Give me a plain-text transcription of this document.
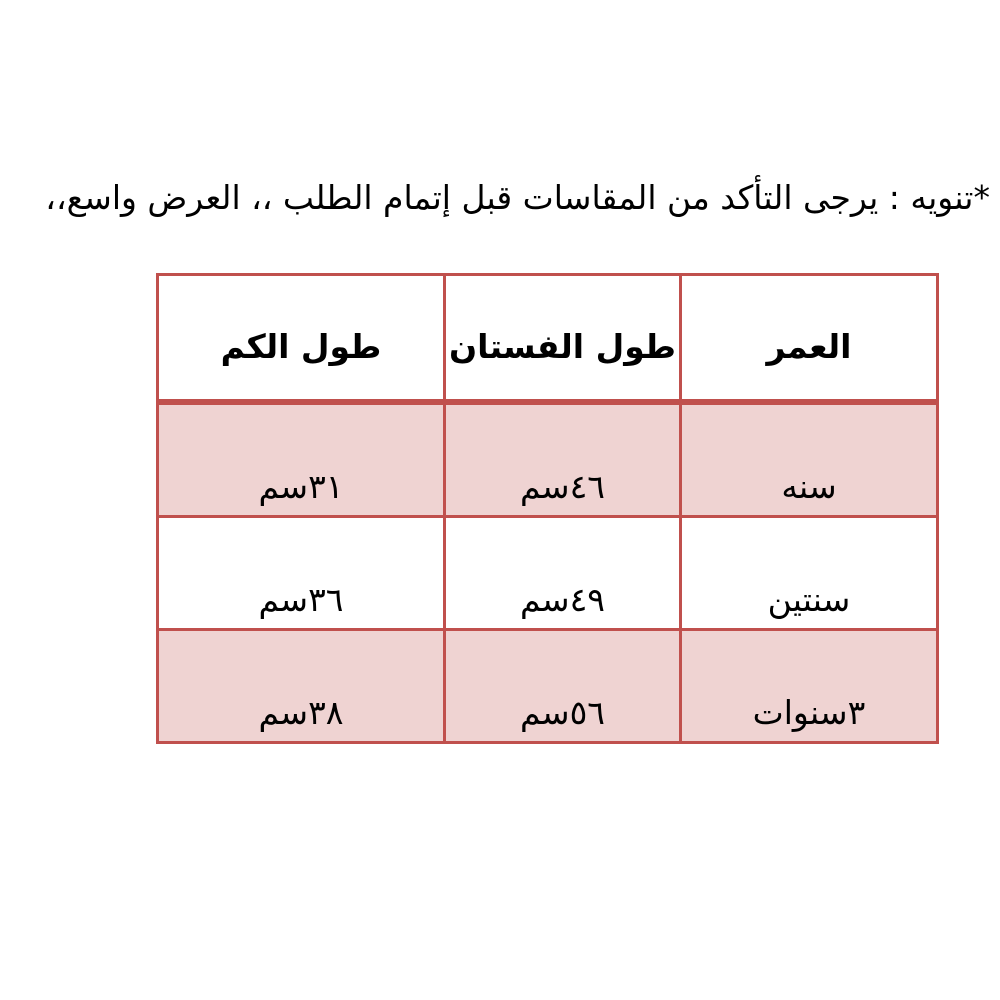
*تنويه : يرجى التأكد من المقاسات قبل إتمام الطلب ،، العرض واسع،،
العمر	طول الفستان	طول الكم
سنه	٤٦سم	٣١سم
سنتين	٤٩سم	٣٦سم
٣سنوات	٥٦سم	٣٨سم
